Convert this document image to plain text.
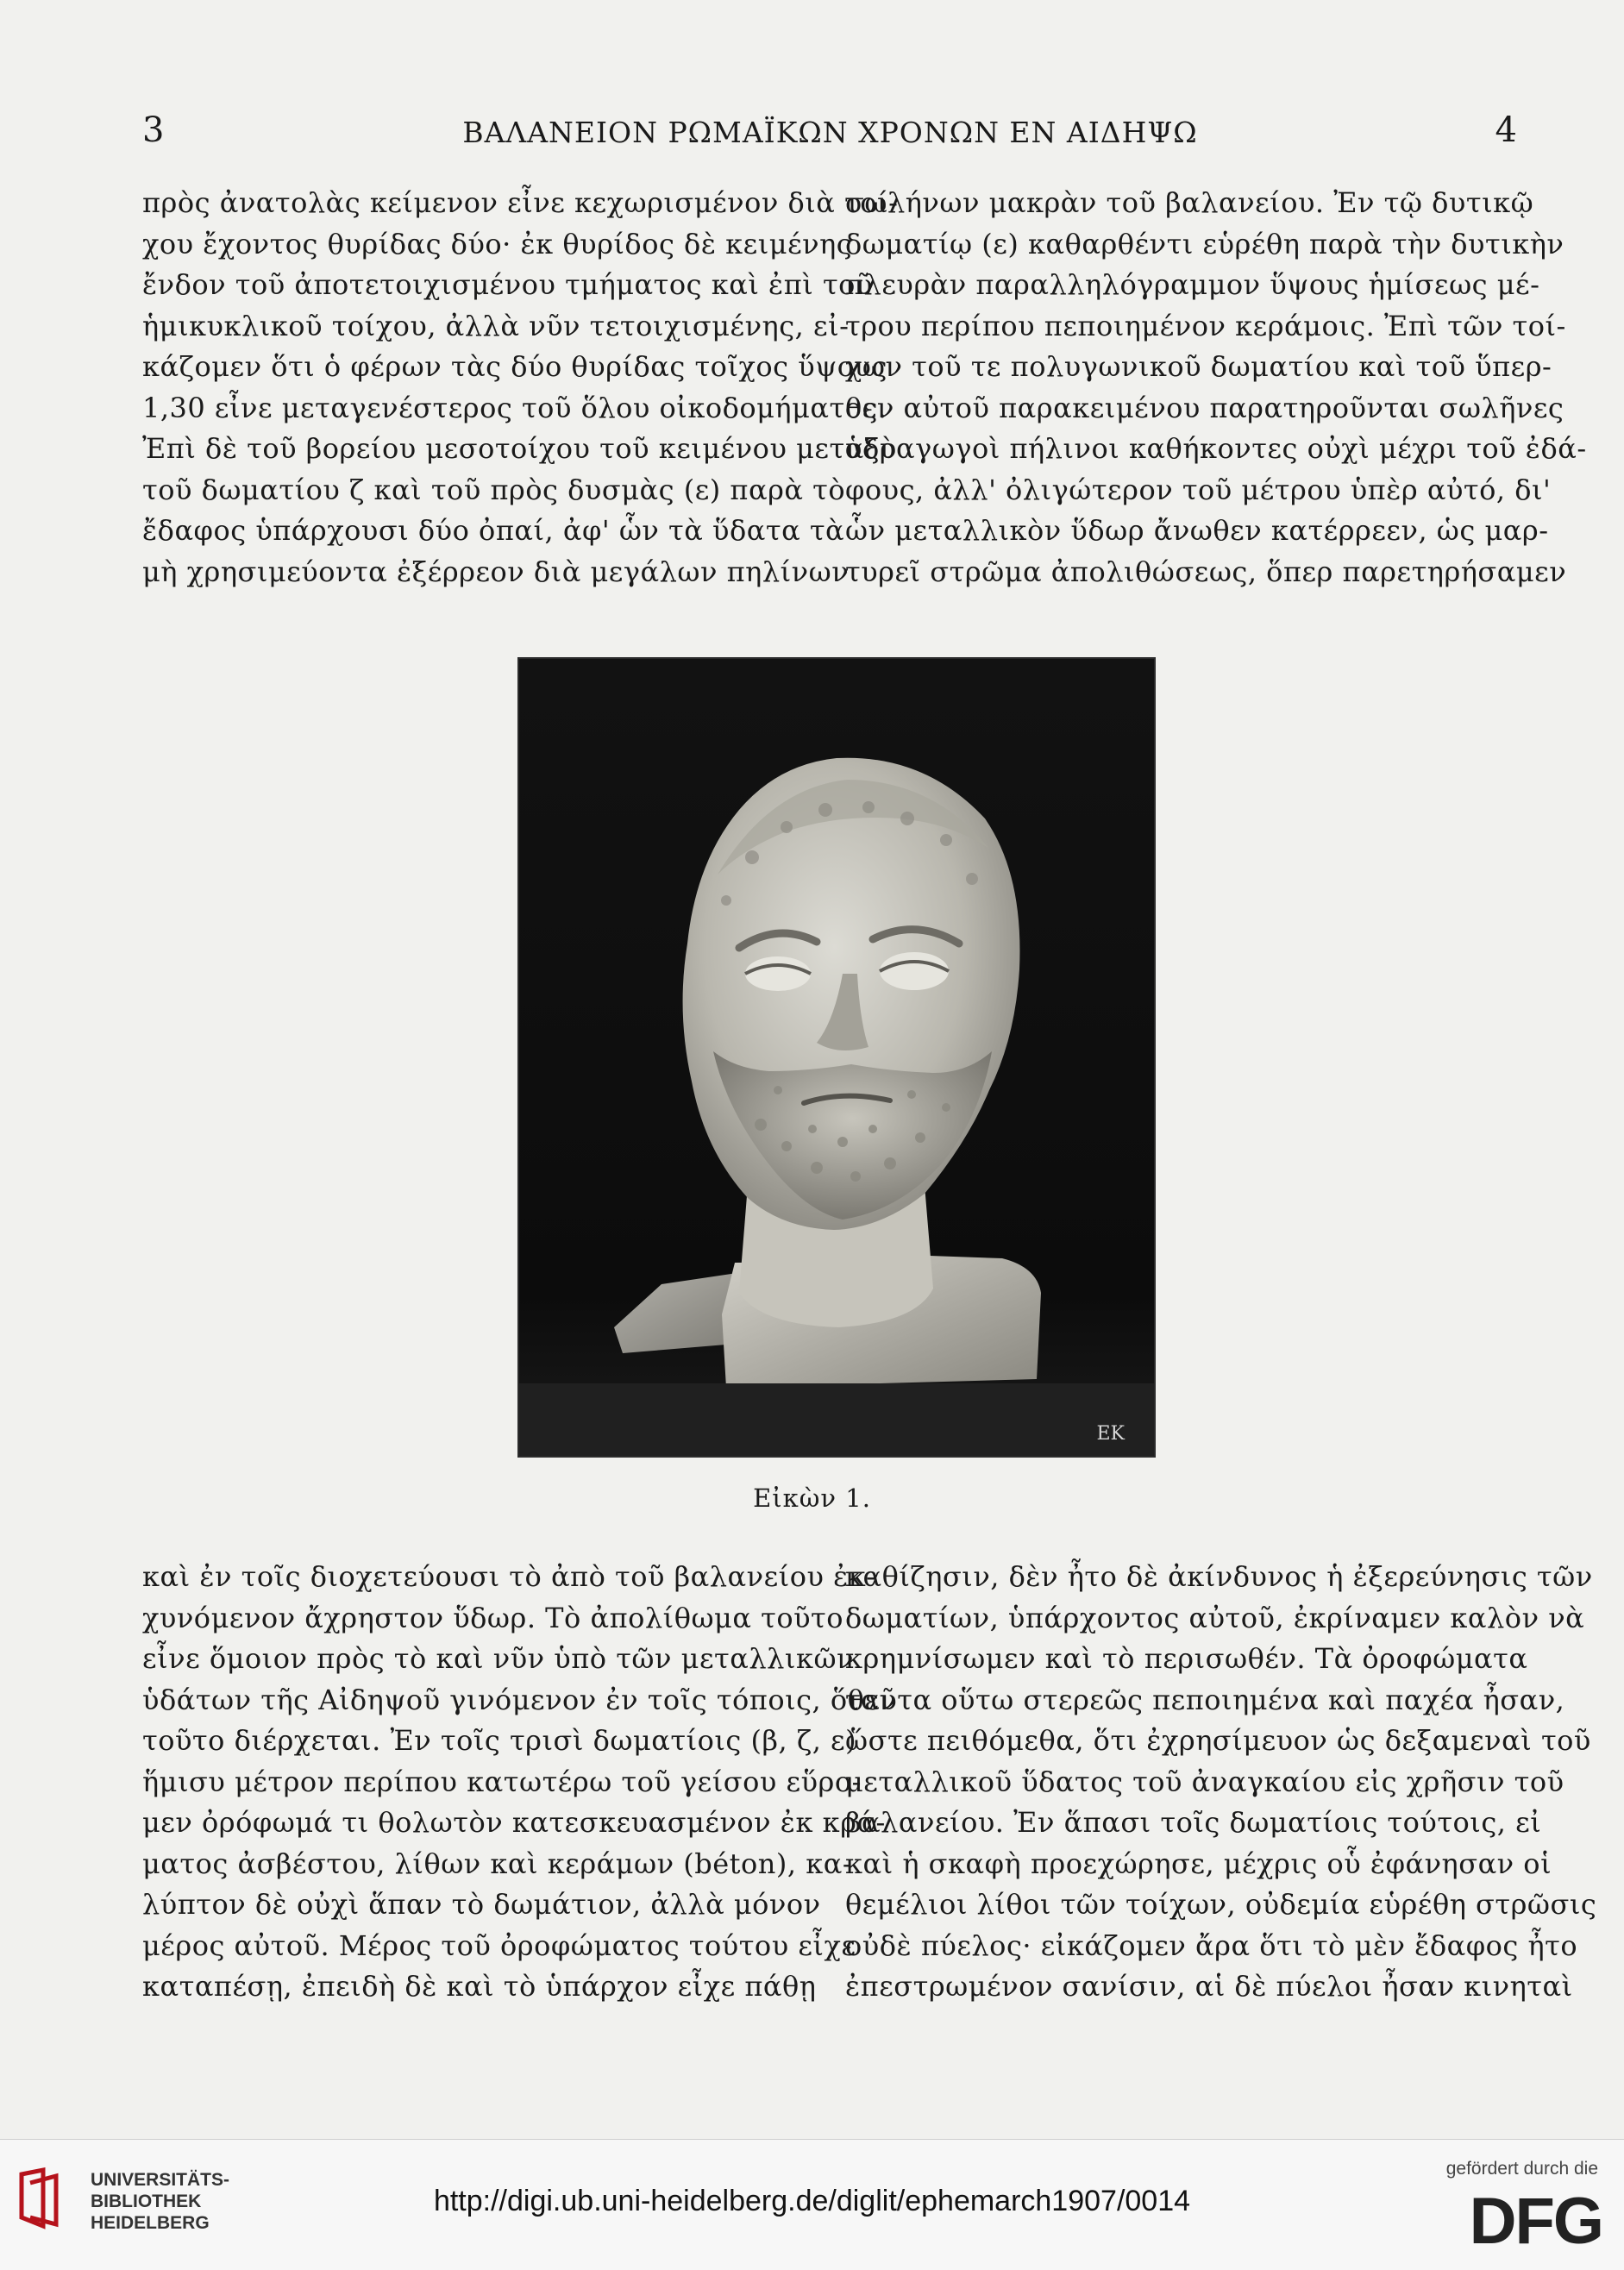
3	ΒΑΛΑΝΕΙΟΝ ΡΩΜΑΪΚΩΝ ΧΡΟΝΩΝ ΕΝ ΑΙΔΗΨΩ	4
πρὸς ἀνατολὰς κείμενον εἶνε κεχωρισμένον διὰ τοί-
χου ἔχοντος θυρίδας δύο· ἐκ θυρίδος δὲ κειμένης
ἔνδον τοῦ ἀποτετοιχισμένου τμήματος καὶ ἐπὶ τοῦ
ἡμικυκλικοῦ τοίχου, ἀλλὰ νῦν τετοιχισμένης, εἰ-
κάζομεν ὅτι ὁ φέρων τὰς δύο θυρίδας τοῖχος ὕψους
1,30 εἶνε μεταγενέστερος τοῦ ὅλου οἰκοδομήματος.
Ἐπὶ δὲ τοῦ βορείου μεσοτοίχου τοῦ κειμένου μεταξὺ
τοῦ δωματίου ζ καὶ τοῦ πρὸς δυσμὰς (ε) παρὰ τὸ
ἔδαφος ὑπάρχουσι δύο ὀπαί, ἀφ' ὧν τὰ ὕδατα τὰ
μὴ χρησιμεύοντα ἐξέρρεον διὰ μεγάλων πηλίνων
σωλήνων μακρὰν τοῦ βαλανείου. Ἐν τῷ δυτικῷ
δωματίῳ (ε) καθαρθέντι εὑρέθη παρὰ τὴν δυτικὴν
πλευρὰν παραλληλόγραμμον ὕψους ἡμίσεως μέ-
τρου περίπου πεποιημένον κεράμοις. Ἐπὶ τῶν τοί-
χων τοῦ τε πολυγωνικοῦ δωματίου καὶ τοῦ ὕπερ-
θεν αὐτοῦ παρακειμένου παρατηροῦνται σωλῆνες
ὑδραγωγοὶ πήλινοι καθήκοντες οὐχὶ μέχρι τοῦ ἐδά-
φους, ἀλλ' ὀλιγώτερον τοῦ μέτρου ὑπὲρ αὐτό, δι'
ὧν μεταλλικὸν ὕδωρ ἄνωθεν κατέρρεεν, ὡς μαρ-
τυρεῖ στρῶμα ἀπολιθώσεως, ὅπερ παρετηρήσαμεν
ΕΚ
Εἰκὼν 1.
καὶ ἐν τοῖς διοχετεύουσι τὸ ἀπὸ τοῦ βαλανείου ἐκ-
χυνόμενον ἄχρηστον ὕδωρ. Τὸ ἀπολίθωμα τοῦτο
εἶνε ὅμοιον πρὸς τὸ καὶ νῦν ὑπὸ τῶν μεταλλικῶν
ὑδάτων τῆς Αἰδηψοῦ γινόμενον ἐν τοῖς τόποις, ὅθεν
τοῦτο διέρχεται. Ἐν τοῖς τρισὶ δωματίοις (β, ζ, ε)
ἥμισυ μέτρον περίπου κατωτέρω τοῦ γείσου εὕρο-
μεν ὀρόφωμά τι θολωτὸν κατεσκευασμένον ἐκ κρά-
ματος ἀσβέστου, λίθων καὶ κεράμων (béton), κα-
λύπτον δὲ οὐχὶ ἅπαν τὸ δωμάτιον, ἀλλὰ μόνον
μέρος αὐτοῦ. Μέρος τοῦ ὀροφώματος τούτου εἶχε
καταπέσῃ, ἐπειδὴ δὲ καὶ τὸ ὑπάρχον εἶχε πάθῃ
καθίζησιν, δὲν ἦτο δὲ ἀκίνδυνος ἡ ἐξερεύνησις τῶν
δωματίων, ὑπάρχοντος αὐτοῦ, ἐκρίναμεν καλὸν νὰ
κρημνίσωμεν καὶ τὸ περισωθέν. Τὰ ὀροφώματα
ταῦτα οὕτω στερεῶς πεποιημένα καὶ παχέα ἦσαν,
ὥστε πειθόμεθα, ὅτι ἐχρησίμευον ὡς δεξαμεναὶ τοῦ
μεταλλικοῦ ὕδατος τοῦ ἀναγκαίου εἰς χρῆσιν τοῦ
βαλανείου. Ἐν ἅπασι τοῖς δωματίοις τούτοις, εἰ
καὶ ἡ σκαφὴ προεχώρησε, μέχρις οὗ ἐφάνησαν οἱ
θεμέλιοι λίθοι τῶν τοίχων, οὐδεμία εὑρέθη στρῶσις
οὐδὲ πύελος· εἰκάζομεν ἄρα ὅτι τὸ μὲν ἔδαφος ἦτο
ἐπεστρωμένον σανίσιν, αἱ δὲ πύελοι ἦσαν κινηταὶ
UNIVERSITÄTS-
BIBLIOTHEK
HEIDELBERG
http://digi.ub.uni-heidelberg.de/diglit/ephemarch1907/0014
gefördert durch die
DFG
